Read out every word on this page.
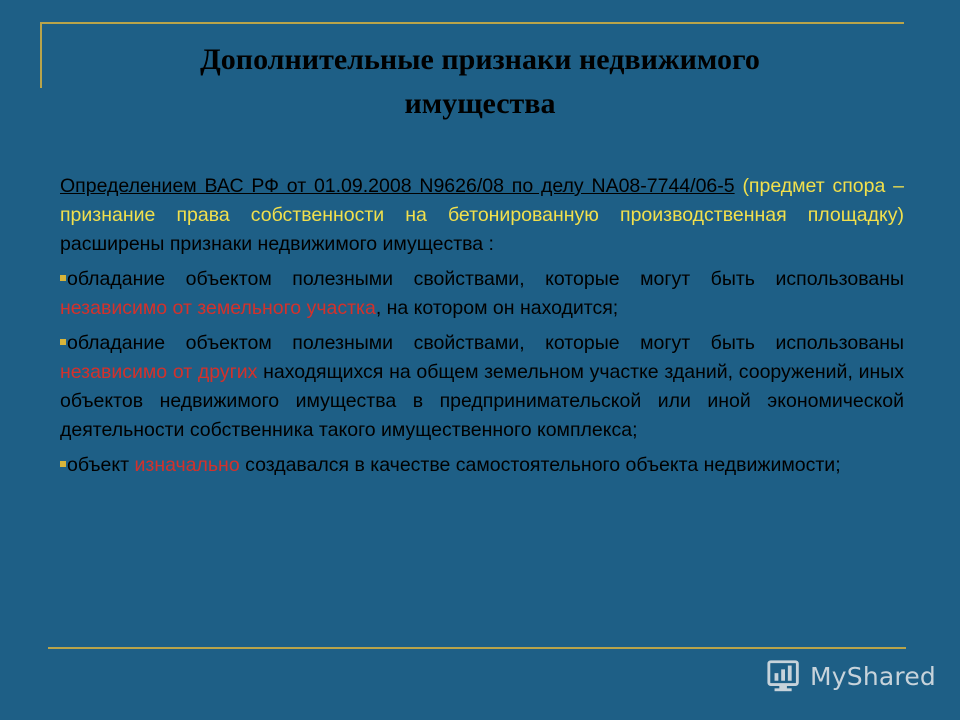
Дополнительные признаки недвижимого
имущества

Определением ВАС РФ от 01.09.2008 N9626/08 по делу NA08-7744/06-5 (предмет спора – признание права собственности на бетонированную производственная площадку) расширены признаки недвижимого имущества :

обладание объектом полезными свойствами, которые могут быть использованы независимо от земельного участка, на котором он находится;

обладание объектом полезными свойствами, которые могут быть использованы независимо от других находящихся на общем земельном участке зданий, сооружений, иных объектов недвижимого имущества в предпринимательской или иной экономической деятельности собственника такого имущественного комплекса;

объект изначально создавался в качестве самостоятельного объекта недвижимости;

MyShared
